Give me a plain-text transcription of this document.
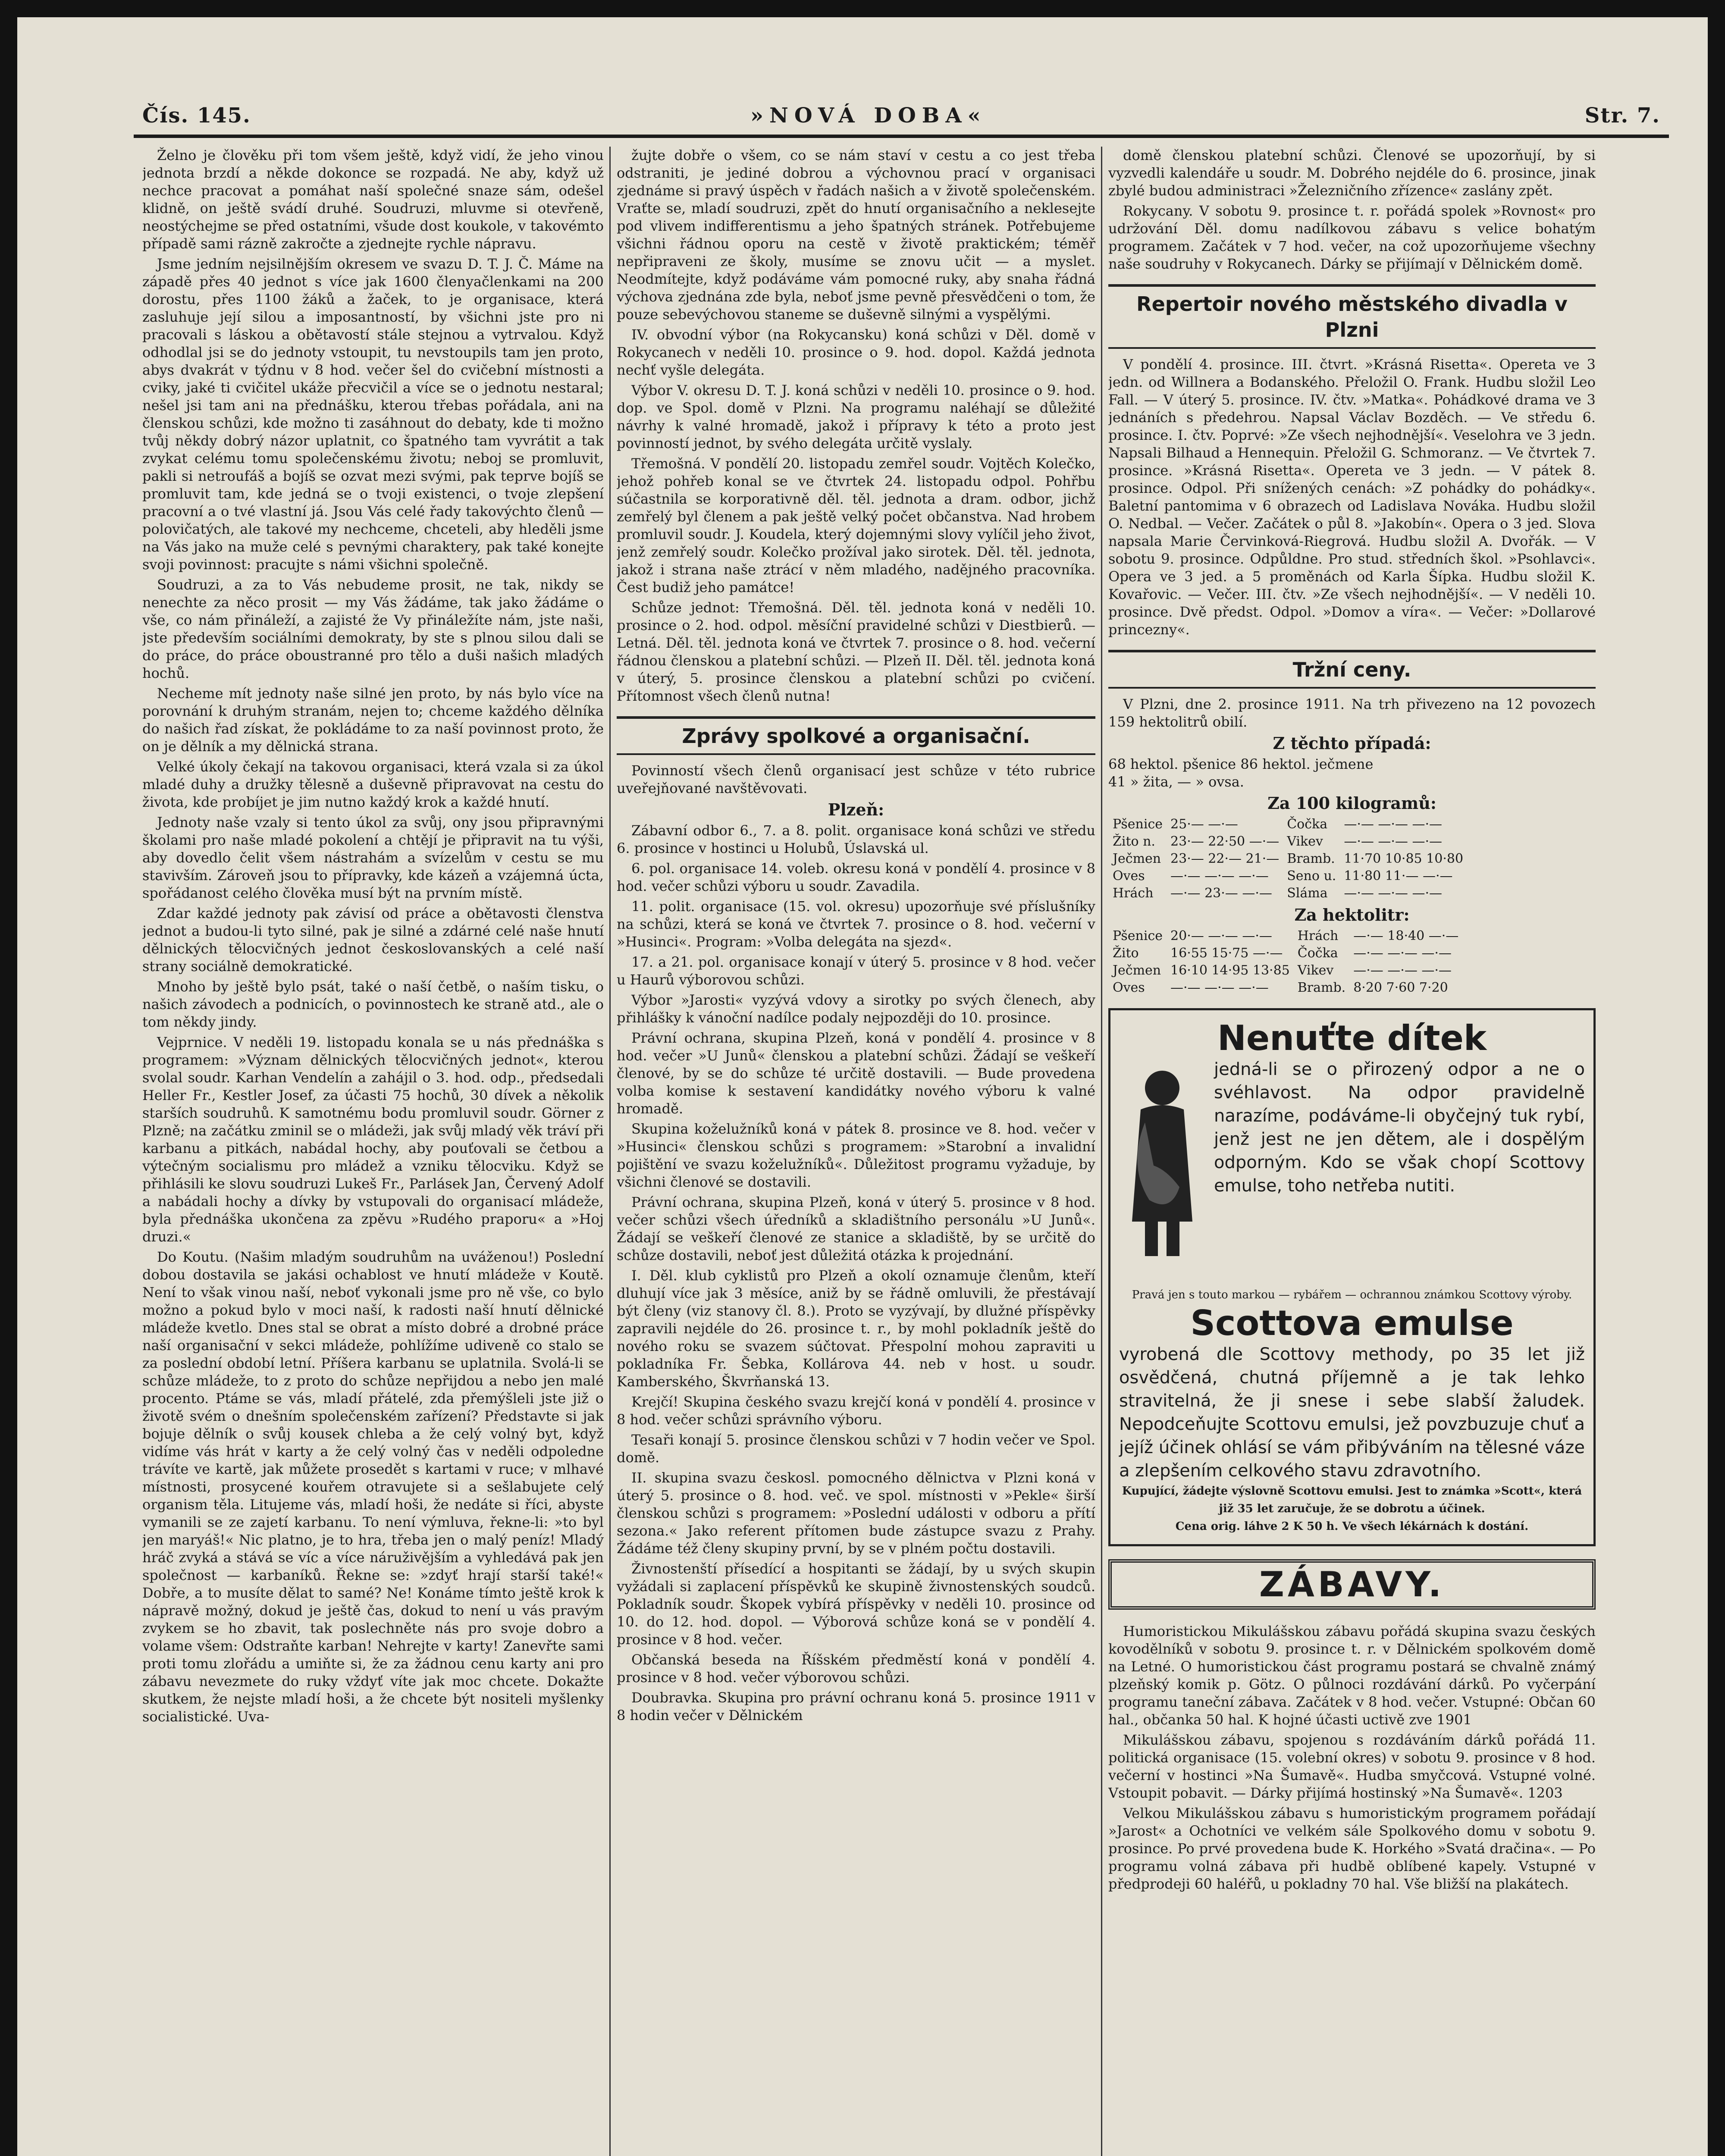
Čís. 145.	»NOVÁ DOBA«	Str. 7.

Želno je člověku při tom všem ještě, když vidí, že jeho vinou jednota brzdí a někde dokonce se rozpadá. Ne aby, když už nechce pracovat a pomáhat naší společné snaze sám, odešel klidně, on ještě svádí druhé. Soudruzi, mluvme si otevřeně, neostýchejme se před ostatními, všude dost koukole, v takovémto případě sami rázně zakročte a zjednejte rychle nápravu.

Jsme jedním nejsilnějším okresem ve svazu D. T. J. Č. Máme na západě přes 40 jednot s více jak 1600 členyačlenkami na 200 dorostu, přes 1100 žáků a žaček, to je organisace, která zasluhuje její silou a imposantností, by všichni jste pro ni pracovali s láskou a obětavostí stále stejnou a vytrvalou. Když odhodlal jsi se do jednoty vstoupit, tu nevstoupils tam jen proto, abys dvakrát v týdnu v 8 hod. večer šel do cvičební místnosti a cviky, jaké ti cvičitel ukáže přecvičil a více se o jednotu nestaral; nešel jsi tam ani na přednášku, kterou třebas pořádala, ani na členskou schůzi, kde možno ti zasáhnout do debaty, kde ti možno tvůj někdy dobrý názor uplatnit, co špatného tam vyvrátit a tak zvykat celému tomu společenskému životu; neboj se promluvit, pakli si netroufáš a bojíš se ozvat mezi svými, pak teprve bojíš se promluvit tam, kde jedná se o tvoji existenci, o tvoje zlepšení pracovní a o tvé vlastní já. Jsou Vás celé řady takovýchto členů — polovičatých, ale takové my nechceme, chceteli, aby hleděli jsme na Vás jako na muže celé s pevnými charaktery, pak také konejte svoji povinnost: pracujte s námi všichni společně.

Soudruzi, a za to Vás nebudeme prosit, ne tak, nikdy se nenechte za něco prosit — my Vás žádáme, tak jako žádáme o vše, co nám přináleží, a zajisté že Vy přináležíte nám, jste naši, jste především sociálními demokraty, by ste s plnou silou dali se do práce, do práce oboustranné pro tělo a duši našich mladých hochů.

Necheme mít jednoty naše silné jen proto, by nás bylo více na porovnání k druhým stranám, nejen to; chceme každého dělníka do našich řad získat, že pokládáme to za naší povinnost proto, že on je dělník a my dělnická strana.

Velké úkoly čekají na takovou organisaci, která vzala si za úkol mladé duhy a družky tělesně a duševně připravovat na cestu do života, kde probíjet je jim nutno každý krok a každé hnutí.

Jednoty naše vzaly si tento úkol za svůj, ony jsou připravnými školami pro naše mladé pokolení a chtějí je připravit na tu výši, aby dovedlo čelit všem nástrahám a svízelům v cestu se mu stavivším. Zároveň jsou to přípravky, kde kázeň a vzájemná úcta, spořádanost celého člověka musí být na prvním místě.

Zdar každé jednoty pak závisí od práce a obětavosti členstva jednot a budou-li tyto silné, pak je silné a zdárné celé naše hnutí dělnických tělocvičných jednot českoslovanských a celé naší strany sociálně demokratické.

Mnoho by ještě bylo psát, také o naší četbě, o naším tisku, o našich závodech a podnicích, o povinnostech ke straně atd., ale o tom někdy jindy.

Vejprnice. V neděli 19. listopadu konala se u nás přednáška s programem: »Význam dělnických tělocvičných jednot«, kterou svolal soudr. Karhan Vendelín a zahájil o 3. hod. odp., předsedali Heller Fr., Kestler Josef, za účasti 75 hochů, 30 dívek a několik starších soudruhů. K samotnému bodu promluvil soudr. Görner z Plzně; na začátku zminil se o mládeži, jak svůj mladý věk tráví při karbanu a pitkách, nabádal hochy, aby pouťovali se četbou a výtečným socialismu pro mládež a vzniku tělocviku. Když se přihlásili ke slovu soudruzi Lukeš Fr., Parlásek Jan, Červený Adolf a nabádali hochy a dívky by vstupovali do organisací mládeže, byla přednáška ukončena za zpěvu »Rudého praporu« a »Hoj druzi.«

Do Koutu. (Našim mladým soudruhům na uváženou!) Poslední dobou dostavila se jakási ochablost ve hnutí mládeže v Koutě. Není to však vinou naší, neboť vykonali jsme pro ně vše, co bylo možno a pokud bylo v moci naší, k radosti naší hnutí dělnické mládeže kvetlo. Dnes stal se obrat a místo dobré a drobné práce naší organisační v sekci mládeže, pohlížíme udiveně co stalo se za poslední období letní. Příšera karbanu se uplatnila. Svolá-li se schůze mládeže, to z proto do schůze nepřijdou a nebo jen malé procento. Ptáme se vás, mladí přátelé, zda přemýšleli jste již o životě svém o dnešním společenském zařízení? Představte si jak bojuje dělník o svůj kousek chleba a že celý volný byt, když vidíme vás hrát v karty a že celý volný čas v neděli odpoledne trávíte ve kartě, jak můžete prosedět s kartami v ruce; v mlhavé místnosti, prosycené kouřem otravujete si a sešlabujete celý organism těla. Litujeme vás, mladí hoši, že nedáte si říci, abyste vymanili se ze zajetí karbanu. To není výmluva, řekne-li: »to byl jen maryáš!« Nic platno, je to hra, třeba jen o malý peníz! Mladý hráč zvyká a stává se víc a více náruživějším a vyhledává pak jen společnost — karbaníků. Řekne se: »zdyť hrají starší také!« Dobře, a to musíte dělat to samé? Ne! Konáme tímto ještě krok k nápravě možný, dokud je ještě čas, dokud to není u vás pravým zvykem se ho zbavit, tak poslechněte nás pro svoje dobro a volame všem: Odstraňte karban! Nehrejte v karty! Zanevřte sami proti tomu zlořádu a umiňte si, že za žádnou cenu karty ani pro zábavu nevezmete do ruky vždyť víte jak moc chcete. Dokažte skutkem, že nejste mladí hoši, a že chcete být nositeli myšlenky socialistické. Uva-

žujte dobře o všem, co se nám staví v cestu a co jest třeba odstraniti, je jediné dobrou a výchovnou prací v organisaci zjednáme si pravý úspěch v řadách našich a v životě společenském. Vraťte se, mladí soudruzi, zpět do hnutí organisačního a neklesejte pod vlivem indifferentismu a jeho špatných stránek. Potřebujeme všichni řádnou oporu na cestě v životě praktickém; téměř nepřipraveni ze školy, musíme se znovu učit — a myslet. Neodmítejte, když podáváme vám pomocné ruky, aby snaha řádná výchova zjednána zde byla, neboť jsme pevně přesvědčeni o tom, že pouze sebevýchovou staneme se duševně silnými a vyspělými.

IV. obvodní výbor (na Rokycansku) koná schůzi v Děl. domě v Rokycanech v neděli 10. prosince o 9. hod. dopol. Každá jednota nechť vyšle delegáta.

Výbor V. okresu D. T. J. koná schůzi v neděli 10. prosince o 9. hod. dop. ve Spol. domě v Plzni. Na programu naléhají se důležité návrhy k valné hromadě, jakož i přípravy k této a proto jest povinností jednot, by svého delegáta určitě vyslaly.

Třemošná. V pondělí 20. listopadu zemřel soudr. Vojtěch Kolečko, jehož pohřeb konal se ve čtvrtek 24. listopadu odpol. Pohřbu súčastnila se korporativně děl. těl. jednota a dram. odbor, jichž zemřelý byl členem a pak ještě velký počet občanstva. Nad hrobem promluvil soudr. J. Koudela, který dojemnými slovy vylíčil jeho život, jenž zemřelý soudr. Kolečko prožíval jako sirotek. Děl. těl. jednota, jakož i strana naše ztrácí v něm mladého, nadějného pracovníka. Čest budiž jeho památce!

Schůze jednot: Třemošná. Děl. těl. jednota koná v neděli 10. prosince o 2. hod. odpol. měsíční pravidelné schůzi v Diestbierů. — Letná. Děl. těl. jednota koná ve čtvrtek 7. prosince o 8. hod. večerní řádnou členskou a platební schůzi. — Plzeň II. Děl. těl. jednota koná v úterý, 5. prosince členskou a platební schůzi po cvičení. Přítomnost všech členů nutna!

Zprávy spolkové a organisační.

Povinností všech členů organisací jest schůze v této rubrice uveřejňované navštěvovati.

Plzeň:

Zábavní odbor 6., 7. a 8. polit. organisace koná schůzi ve středu 6. prosince v hostinci u Holubů, Úslavská ul.

6. pol. organisace 14. voleb. okresu koná v pondělí 4. prosince v 8 hod. večer schůzi výboru u soudr. Zavadila.

11. polit. organisace (15. vol. okresu) upozorňuje své příslušníky na schůzi, která se koná ve čtvrtek 7. prosince o 8. hod. večerní v »Husinci«. Program: »Volba delegáta na sjezd«.

17. a 21. pol. organisace konají v úterý 5. prosince v 8 hod. večer u Haurů výborovou schůzi.

Výbor »Jarosti« vyzývá vdovy a sirotky po svých členech, aby přihlášky k vánoční nadílce podaly nejpozději do 10. prosince.

Právní ochrana, skupina Plzeň, koná v pondělí 4. prosince v 8 hod. večer »U Junů« členskou a platební schůzi. Žádají se veškeří členové, by se do schůze té určitě dostavili. — Bude provedena volba komise k sestavení kandidátky nového výboru k valné hromadě.

Skupina koželužníků koná v pátek 8. prosince ve 8. hod. večer v »Husinci« členskou schůzi s programem: »Starobní a invalidní pojištění ve svazu koželužníků«. Důležitost programu vyžaduje, by všichni členové se dostavili.

Právní ochrana, skupina Plzeň, koná v úterý 5. prosince v 8 hod. večer schůzi všech úředníků a skladištního personálu »U Junů«. Žádají se veškeří členové ze stanice a skladiště, by se určitě do schůze dostavili, neboť jest důležitá otázka k projednání.

I. Děl. klub cyklistů pro Plzeň a okolí oznamuje členům, kteří dluhují více jak 3 měsíce, aniž by se řádně omluvili, že přestávají být členy (viz stanovy čl. 8.). Proto se vyzývají, by dlužné příspěvky zapravili nejdéle do 26. prosince t. r., by mohl pokladník ještě do nového roku se svazem súčtovat. Přespolní mohou zapraviti u pokladníka Fr. Šebka, Kollárova 44. neb v host. u soudr. Kamberského, Škvrňanská 13.

Krejčí! Skupina českého svazu krejčí koná v pondělí 4. prosince v 8 hod. večer schůzi správního výboru.

Tesaři konají 5. prosince členskou schůzi v 7 hodin večer ve Spol. domě.

II. skupina svazu českosl. pomocného dělnictva v Plzni koná v úterý 5. prosince o 8. hod. več. ve spol. místnosti v »Pekle« širší členskou schůzi s programem: »Poslední události v odboru a přítí sezona.« Jako referent přítomen bude zástupce svazu z Prahy. Žádáme též členy skupiny první, by se v plném počtu dostavili.

Živnostenští přísedící a hospitanti se žádají, by u svých skupin vyžádali si zaplacení příspěvků ke skupině živnostenských soudců. Pokladník soudr. Škopek vybírá příspěvky v neděli 10. prosince od 10. do 12. hod. dopol. — Výborová schůze koná se v pondělí 4. prosince v 8 hod. večer.

Občanská beseda na Říšském předměstí koná v pondělí 4. prosince v 8 hod. večer výborovou schůzi.

Doubravka. Skupina pro právní ochranu koná 5. prosince 1911 v 8 hodin večer v Dělnickém

domě členskou platební schůzi. Členové se upozorňují, by si vyzvedli kalendáře u soudr. M. Dobrého nejdéle do 6. prosince, jinak zbylé budou administraci »Železničního zřízence« zaslány zpět.

Rokycany. V sobotu 9. prosince t. r. pořádá spolek »Rovnost« pro udržování Děl. domu nadílkovou zábavu s velice bohatým programem. Začátek v 7 hod. večer, na což upozorňujeme všechny naše soudruhy v Rokycanech. Dárky se přijímají v Dělnickém domě.

Repertoir nového městského divadla v Plzni

V pondělí 4. prosince. III. čtvrt. »Krásná Risetta«. Opereta ve 3 jedn. od Willnera a Bodanského. Přeložil O. Frank. Hudbu složil Leo Fall. — V úterý 5. prosince. IV. čtv. »Matka«. Pohádkové drama ve 3 jednáních s předehrou. Napsal Václav Bozděch. — Ve středu 6. prosince. I. čtv. Poprvé: »Ze všech nejhodnější«. Veselohra ve 3 jedn. Napsali Bilhaud a Hennequin. Přeložil G. Schmoranz. — Ve čtvrtek 7. prosince. »Krásná Risetta«. Opereta ve 3 jedn. — V pátek 8. prosince. Odpol. Při snížených cenách: »Z pohádky do pohádky«. Baletní pantomima v 6 obrazech od Ladislava Nováka. Hudbu složil O. Nedbal. — Večer. Začátek o půl 8. »Jakobín«. Opera o 3 jed. Slova napsala Marie Červinková-Riegrová. Hudbu složil A. Dvořák. — V sobotu 9. prosince. Odpůldne. Pro stud. středních škol. »Psohlavci«. Opera ve 3 jed. a 5 proměnách od Karla Šípka. Hudbu složil K. Kovařovic. — Večer. III. čtv. »Ze všech nejhodnější«. — V neděli 10. prosince. Dvě předst. Odpol. »Domov a víra«. — Večer: »Dollarové princezny«.

Tržní ceny.

V Plzni, dne 2. prosince 1911. Na trh přivezeno na 12 povozech 159 hektolitrů obilí.

Z těchto případá:
68 hektol. pšenice 86 hektol. ječmene
41 » žita, — » ovsa.
Za 100 kilogramů:
Pšenice	25·— —·—	Čočka	—·— —·— —·—
Žito n.	23·— 22·50 —·—	Vikev	—·— —·— —·—
Ječmen	23·— 22·— 21·—	Bramb.	11·70 10·85 10·80
Oves	—·— —·— —·—	Seno u.	11·80 11·— —·—
Hrách	—·— 23·— —·—	Sláma	—·— —·— —·—
Za hektolitr:
Pšenice	20·— —·— —·—	Hrách	—·— 18·40 —·—
Žito	16·55 15·75 —·—	Čočka	—·— —·— —·—
Ječmen	16·10 14·95 13·85	Vikev	—·— —·— —·—
Oves	—·— —·— —·—	Bramb.	8·20 7·60 7·20
Nenuťte dítek
jedná-li se o přirozený odpor a ne o svéhlavost. Na odpor pravidelně narazíme, podáváme-li obyčejný tuk rybí, jenž jest ne jen dětem, ale i dospělým odporným. Kdo se však chopí Scottovy emulse, toho netřeba nutiti.
Pravá jen s touto markou — rybářem — ochrannou známkou Scottovy výroby.
Scottova emulse
vyrobená dle Scottovy methody, po 35 let již osvědčená, chutná příjemně a je tak lehko stravitelná, že ji snese i sebe slabší žaludek. Nepodceňujte Scottovu emulsi, jež povzbuzuje chuť a jejíž účinek ohlásí se vám přibýváním na tělesné váze a zlepšením celkového stavu zdravotního.
Kupující, žádejte výslovně Scottovu emulsi. Jest to známka »Scott«, která již 35 let zaručuje, že se dobrotu a účinek.
Cena orig. láhve 2 K 50 h. Ve všech lékárnách k dostání.
ZÁBAVY.

Humoristickou Mikulášskou zábavu pořádá skupina svazu českých kovodělníků v sobotu 9. prosince t. r. v Dělnickém spolkovém domě na Letné. O humoristickou část programu postará se chvalně známý plzeňský komik p. Götz. O půlnoci rozdávání dárků. Po vyčerpání programu taneční zábava. Začátek v 8 hod. večer. Vstupné: Občan 60 hal., občanka 50 hal. K hojné účasti uctivě zve 1901

Mikulášskou zábavu, spojenou s rozdáváním dárků pořádá 11. politická organisace (15. volební okres) v sobotu 9. prosince v 8 hod. večerní v hostinci »Na Šumavě«. Hudba smyčcová. Vstupné volné. Vstoupit pobavit. — Dárky přijímá hostinský »Na Šumavě«. 1203

Velkou Mikulášskou zábavu s humoristickým programem pořádají »Jarost« a Ochotníci ve velkém sále Spolkového domu v sobotu 9. prosince. Po prvé provedena bude K. Horkého »Svatá dračina«. — Po programu volná zábava při hudbě oblíbené kapely. Vstupné v předprodeji 60 haléřů, u pokladny 70 hal. Vše bližší na plakátech.
